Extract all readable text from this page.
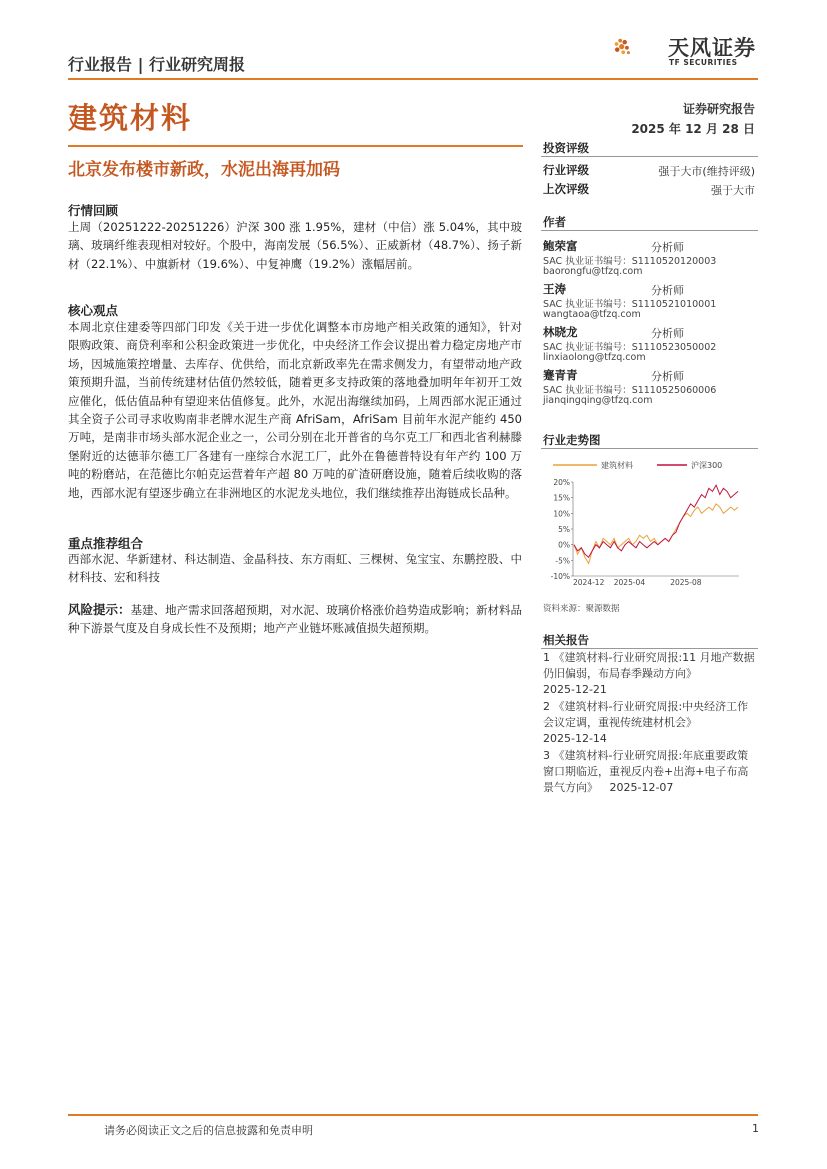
行业报告 | 行业研究周报
天风证券
TF SECURITIES
建筑材料	证券研究报告
2025 年 12 月 28 日
北京发布楼市新政，水泥出海再加码
行情回顾
上周（20251222-20251226）沪深 300 涨 1.95%，建材（中信）涨 5.04%，其中玻璃、玻璃纤维表现相对较好。个股中，海南发展（56.5%）、正威新材（48.7%）、扬子新材（22.1%）、中旗新材（19.6%）、中复神鹰（19.2%）涨幅居前。
核心观点
本周北京住建委等四部门印发《关于进一步优化调整本市房地产相关政策的通知》，针对限购政策、商贷利率和公积金政策进一步优化，中央经济工作会议提出着力稳定房地产市场，因城施策控增量、去库存、优供给，而北京新政率先在需求侧发力，有望带动地产政策预期升温，当前传统建材估值仍然较低，随着更多支持政策的落地叠加明年年初开工效应催化，低估值品种有望迎来估值修复。此外，水泥出海继续加码，上周西部水泥正通过其全资子公司寻求收购南非老牌水泥生产商 AfriSam，AfriSam 目前年水泥产能约 450 万吨，是南非市场头部水泥企业之一，公司分别在北开普省的乌尔克工厂和西北省利赫滕堡附近的达德菲尔德工厂各建有一座综合水泥工厂，此外在鲁德普特设有年产约 100 万吨的粉磨站，在范德比尔帕克运营着年产超 80 万吨的矿渣研磨设施，随着后续收购的落地，西部水泥有望逐步确立在非洲地区的水泥龙头地位，我们继续推荐出海链成长品种。
重点推荐组合
西部水泥、华新建材、科达制造、金晶科技、东方雨虹、三棵树、兔宝宝、东鹏控股、中材科技、宏和科技
风险提示：基建、地产需求回落超预期，对水泥、玻璃价格涨价趋势造成影响；新材料品种下游景气度及自身成长性不及预期；地产产业链坏账减值损失超预期。
投资评级
行业评级	强于大市(维持评级)
上次评级	强于大市
作者
鲍荣富	分析师
SAC 执业证书编号：S1110520120003
baorongfu@tfzq.com
王涛	分析师
SAC 执业证书编号：S1110521010001
wangtaoa@tfzq.com
林晓龙	分析师
SAC 执业证书编号：S1110523050002
linxiaolong@tfzq.com
蹇青青	分析师
SAC 执业证书编号：S1110525060006
jianqingqing@tfzq.com
行业走势图
建筑材料	沪深300
20%
15%
10%
5%
0%
-5%
-10%
2024-12 2025-04	2025-08
资料来源：聚源数据
相关报告
1 《建筑材料-行业研究周报:11 月地产数据仍旧偏弱，布局春季躁动方向》
2025-12-21
2 《建筑材料-行业研究周报:中央经济工作会议定调，重视传统建材机会》
2025-12-14
3 《建筑材料-行业研究周报:年底重要政策窗口期临近，重视反内卷+出海+电子布高景气方向》 2025-12-07
请务必阅读正文之后的信息披露和免责申明	1
